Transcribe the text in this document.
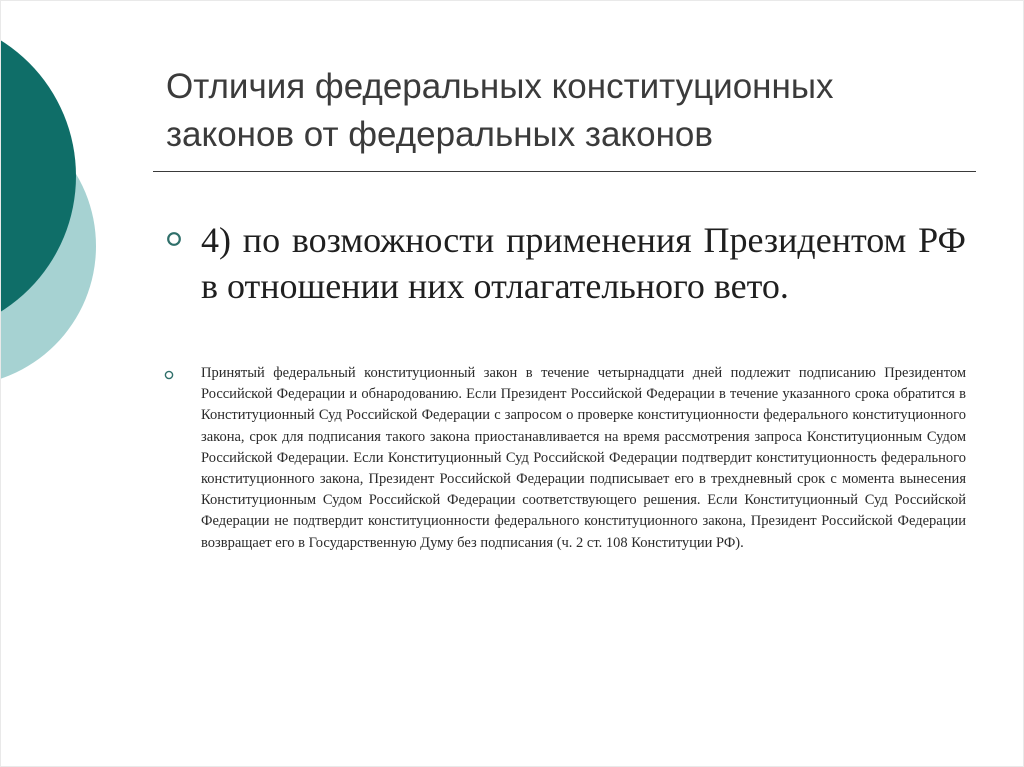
Отличия федеральных конституционных
законов от федеральных законов

4) по возможности применения Президентом РФ в отношении них отлагательного вето.

Принятый федеральный конституционный закон в течение четырнадцати дней подлежит подписанию Президентом Российской Федерации и обнародованию. Если Президент Российской Федерации в течение указанного срока обратится в Конституционный Суд Российской Федерации с запросом о проверке конституционности федерального конституционного закона, срок для подписания такого закона приостанавливается на время рассмотрения запроса Конституционным Судом Российской Федерации. Если Конституционный Суд Российской Федерации подтвердит конституционность федерального конституционного закона, Президент Российской Федерации подписывает его в трехдневный срок с момента вынесения Конституционным Судом Российской Федерации соответствующего решения. Если Конституционный Суд Российской Федерации не подтвердит конституционности федерального конституционного закона, Президент Российской Федерации возвращает его в Государственную Думу без подписания (ч. 2 ст. 108 Конституции РФ).
